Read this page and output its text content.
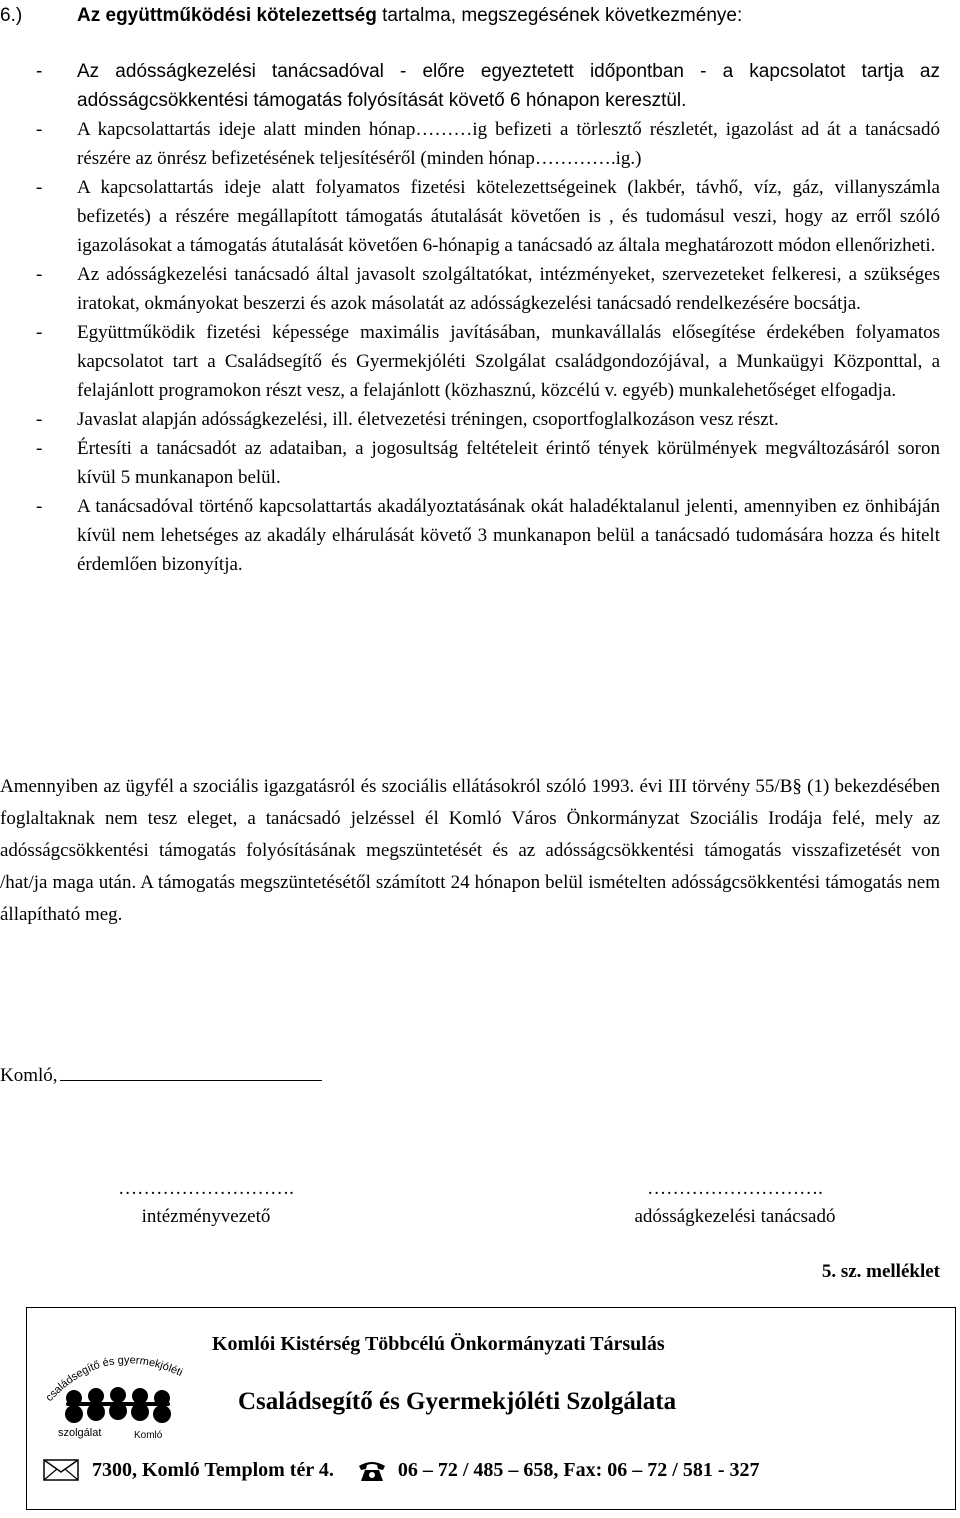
6.)	Az együttműködési kötelezettség tartalma, megszegésének következménye:
-	Az adósságkezelési tanácsadóval - előre egyeztetett időpontban - a kapcsolatot tartja az adósságcsökkentési támogatás folyósítását követő 6 hónapon keresztül.
-	A kapcsolattartás ideje alatt minden hónap………ig befizeti a törlesztő részletét, igazolást ad át a tanácsadó részére az önrész befizetésének teljesítéséről (minden hónap………….ig.)
-	A kapcsolattartás ideje alatt folyamatos fizetési kötelezettségeinek (lakbér, távhő, víz, gáz, villanyszámla befizetés) a részére megállapított támogatás átutalását követően is , és tudomásul veszi, hogy az erről szóló igazolásokat a támogatás átutalását követően 6-hónapig a tanácsadó az általa meghatározott módon ellenőrizheti.
-	Az adósságkezelési tanácsadó által javasolt szolgáltatókat, intézményeket, szervezeteket felkeresi, a szükséges iratokat, okmányokat beszerzi és azok másolatát az adósságkezelési tanácsadó rendelkezésére bocsátja.
-	Együttműködik fizetési képessége maximális javításában, munkavállalás elősegítése érdekében folyamatos kapcsolatot tart a Családsegítő és Gyermekjóléti Szolgálat családgondozójával, a Munkaügyi Központtal, a felajánlott programokon részt vesz, a felajánlott (közhasznú, közcélú v. egyéb) munkalehetőséget elfogadja.
-	Javaslat alapján adósságkezelési, ill. életvezetési tréningen, csoportfoglalkozáson vesz részt.
-	Értesíti a tanácsadót az adataiban, a jogosultság feltételeit érintő tények körülmények megváltozásáról soron kívül 5 munkanapon belül.
-	A tanácsadóval történő kapcsolattartás akadályoztatásának okát haladéktalanul jelenti, amennyiben ez önhibáján kívül nem lehetséges az akadály elhárulását követő 3 munkanapon belül a tanácsadó tudomására hozza és hitelt érdemlően bizonyítja.
Amennyiben az ügyfél a szociális igazgatásról és szociális ellátásokról szóló 1993. évi III törvény 55/B§ (1) bekezdésében foglaltaknak nem tesz eleget, a tanácsadó jelzéssel él Komló Város Önkormányzat Szociális Irodája felé, mely az adósságcsökkentési támogatás folyósításának megszüntetését és az adósságcsökkentési támogatás visszafizetését von /hat/ja maga után. A támogatás megszüntetésétől számított 24 hónapon belül ismételten adósságcsökkentési támogatás nem állapítható meg.
Komló,
……………………….
intézményvezető
……………………….
adósságkezelési tanácsadó
5. sz. melléklet
családsegítő és gyermekjóléti
szolgálat	Komló
Komlói Kistérség Többcélú Önkormányzati Társulás
Családsegítő és Gyermekjóléti Szolgálata
7300, Komló Templom tér 4.	06 – 72 / 485 – 658, Fax: 06 – 72 / 581 - 327
